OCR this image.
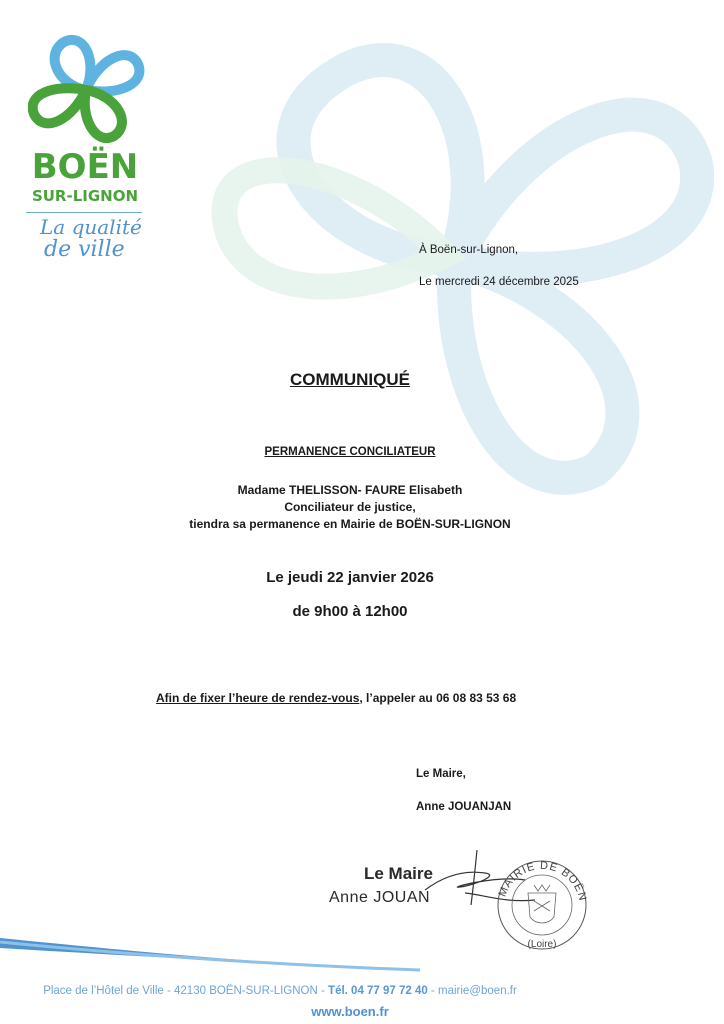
BOËN
SUR-LIGNON
La qualité
de ville	À Boën-sur-Lignon,
Le mercredi 24 décembre 2025
COMMUNIQUÉ
PERMANENCE CONCILIATEUR
Madame THELISSON- FAURE Elisabeth
Conciliateur de justice,
tiendra sa permanence en Mairie de BOËN-SUR-LIGNON
Le jeudi 22 janvier 2026
de 9h00 à 12h00
Afin de fixer l’heure de rendez-vous, l’appeler au 06 08 83 53 68
Le Maire,
Anne JOUANJAN
Le Maire
Anne JOUAN	MAIRIE DE BOËN
(Loire)
Place de l’Hôtel de Ville - 42130 BOËN-SUR-LIGNON - Tél. 04 77 97 72 40 - mairie@boen.fr
www.boen.fr
